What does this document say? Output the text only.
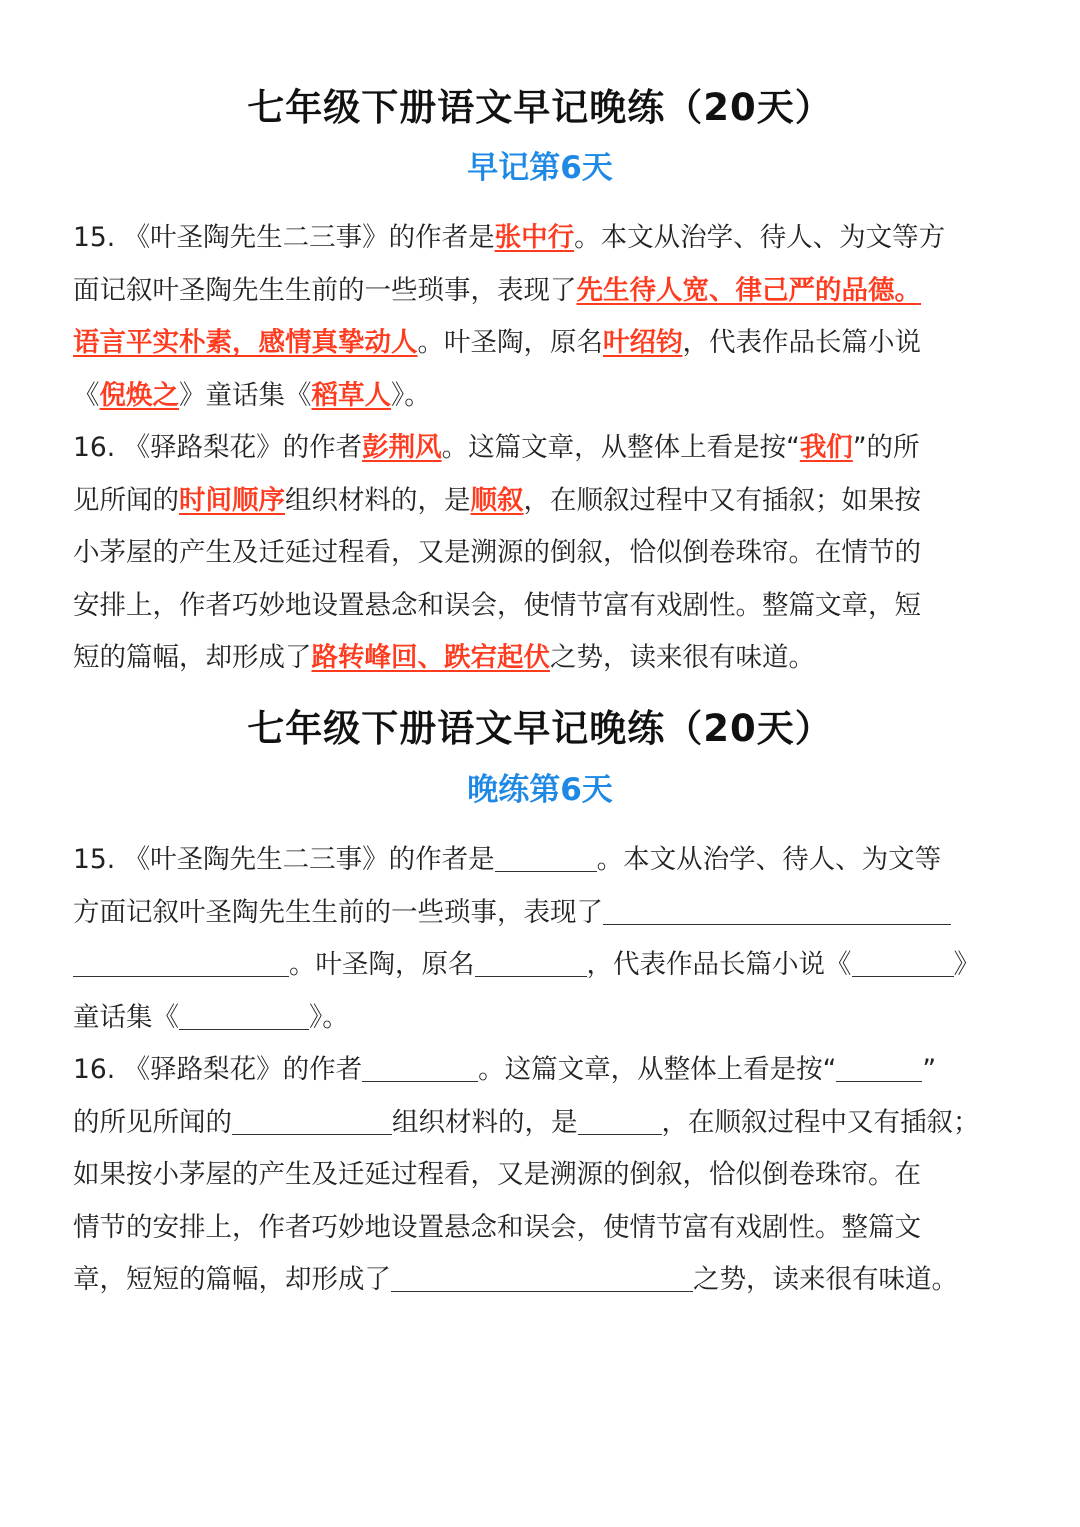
七年级下册语文早记晚练（20天）
早记第6天
15. 《叶圣陶先生二三事》的作者是张中行。本文从治学、待人、为文等方
面记叙叶圣陶先生生前的一些琐事，表现了先生待人宽、律己严的品德。
语言平实朴素，感情真挚动人。叶圣陶，原名叶绍钧，代表作品长篇小说
《倪焕之》童话集《稻草人》。
16. 《驿路梨花》的作者彭荆风。这篇文章，从整体上看是按“我们”的所
见所闻的时间顺序组织材料的，是顺叙，在顺叙过程中又有插叙；如果按
小茅屋的产生及迁延过程看，又是溯源的倒叙，恰似倒卷珠帘。在情节的
安排上，作者巧妙地设置悬念和误会，使情节富有戏剧性。整篇文章，短
短的篇幅，却形成了路转峰回、跌宕起伏之势，读来很有味道。
七年级下册语文早记晚练（20天）
晚练第6天
15. 《叶圣陶先生二三事》的作者是	。本文从治学、待人、为文等
方面记叙叶圣陶先生生前的一些琐事，表现了
。叶圣陶，原名	，代表作品长篇小说《	》
童话集《	》。
16. 《驿路梨花》的作者	。这篇文章，从整体上看是按“	”
的所见所闻的	组织材料的，是	，在顺叙过程中又有插叙；
如果按小茅屋的产生及迁延过程看，又是溯源的倒叙，恰似倒卷珠帘。在
情节的安排上，作者巧妙地设置悬念和误会，使情节富有戏剧性。整篇文
章，短短的篇幅，却形成了	之势，读来很有味道。
